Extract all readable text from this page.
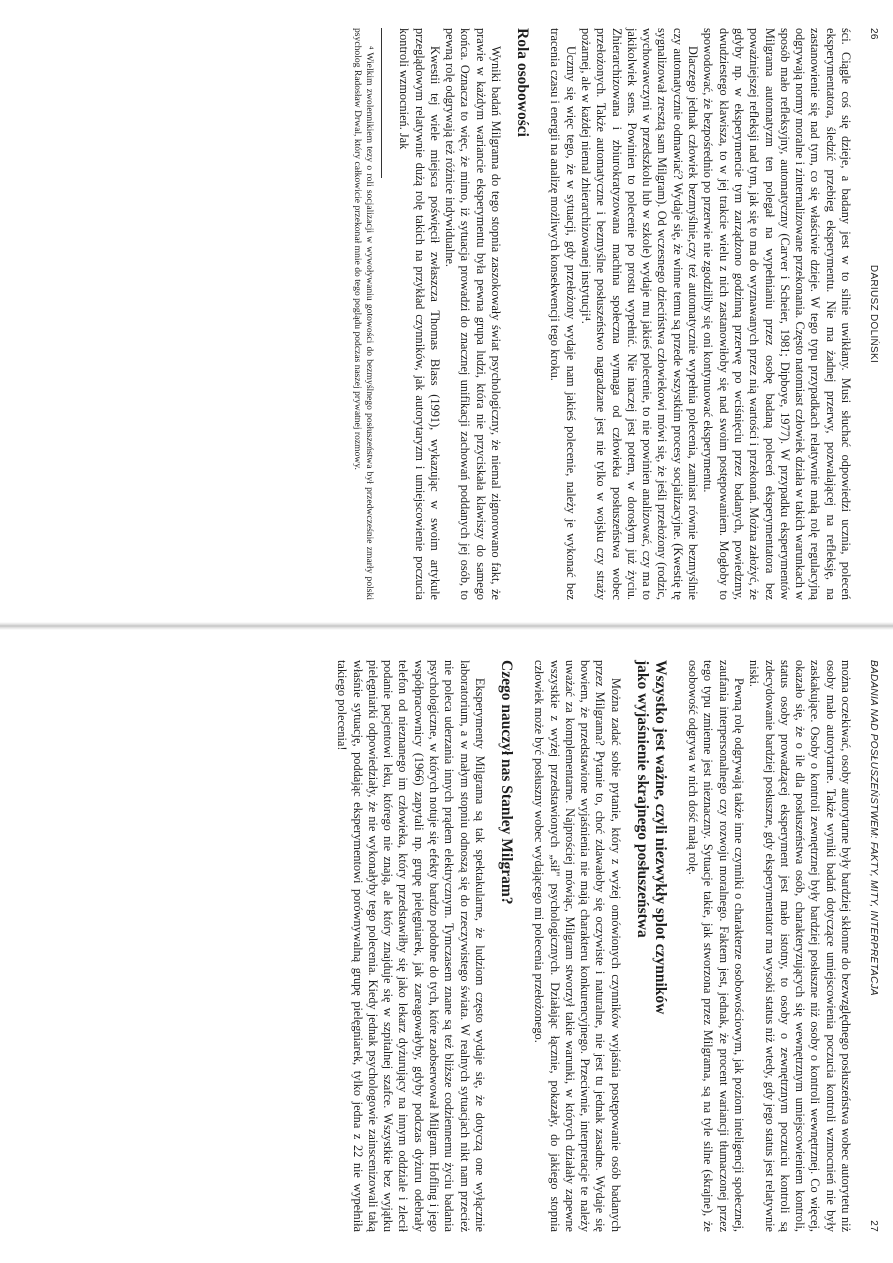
26
DARIUSZ DOLIŃSKI

ści. Ciągle coś się dzieje, a badany jest w to silnie uwikłany. Musi słuchać odpowiedzi ucznia, poleceń eksperymentatora, śledzić przebieg eksperymentu. Nie ma żadnej przerwy, pozwalającej na refleksję, na zastanowienie się nad tym, co się właściwie dzieje. W tego typu przypadkach relatywnie małą rolę regulacyjną odgrywają normy moralne i zinternalizowane przekonania. Często natomiast człowiek działa w takich warunkach w sposób mało refleksyjny, automatyczny (Carver i Scheier, 1981; Dipboye, 1977). W przypadku eksperymentów Milgrama automatyzm ten polegał na wypełnianiu przez osobę badaną poleceń eksperymentatora bez poważniejszej refleksji nad tym, jak się to ma do wyznawanych przez nią wartości i przekonań. Można założyć, że gdyby np. w eksperymencie tym zarządzono godzinną przerwę po wciśnięciu przez badanych, powiedzmy, dwudziestego klawisza, to w jej trakcie wielu z nich zastanowiłoby się nad swoim postępowaniem. Mogłoby to spowodować, że bezpośrednio po przerwie nie zgodziliby się oni kontynuować eksperymentu.

Dlaczego jednak człowiek bezmyślnie,czy też automatycznie wypełnia polecenia, zamiast równie bezmyślnie czy automatycznie odmawiać? Wydaje się, że winne temu są przede wszystkim procesy socjalizacyjne. (Kwestię tę sygnalizował zresztą sam Milgram). Od wczesnego dzieciństwa człowiekowi mówi się, że jeśli przełożony (rodzic, wychowawczyni w przedszkolu lub w szkole) wydaje mu jakieś polecenie, to nie powinien analizować, czy ma to jakikolwiek sens. Powinien to polecenie po prostu wypełnić. Nie inaczej jest potem, w dorosłym już życiu. Zhierarchizowana i zbiurokratyzowana machina społeczna wymaga od człowieka posłuszeństwa wobec przełożonych. Także automatyczne i bezmyślne posłuszeństwo nagradzane jest nie tylko w wojsku czy straży pożarnej, ale w każdej niemal zhierarchizowanej instytucji⁴.

Uczmy się więc tego, że w sytuacji, gdy przełożony wydaje nam jakieś polecenie, należy je wykonać bez tracenia czasu i energii na analizę możliwych konsekwencji tego kroku.

Rola osobowości

Wyniki badań Milgrama do tego stopnia zaszokowały świat psychologiczny, że niemal zignorowano fakt, że prawie w każdym wariancie eksperymentu była pewna grupa ludzi, która nie przyciskała klawiszy do samego końca. Oznacza to więc, że mimo, iż sytuacja prowadzi do znacznej unifikacji zachowań poddanych jej osób, to pewną rolę odgrywają też różnice indywidualne.

Kwestii tej wiele miejsca poświęcił zwłaszcza Thomas Blass (1991), wykazując w swoim artykule przeglądowym relatywnie dużą rolę takich na przykład czynników, jak autorytaryzm i umiejscowienie poczucia kontroli wzmocnień. Jak

⁴ Wielkim zwolennikiem tezy o roli socjalizacji w wywoływaniu gotowości do bezmyślnego posłuszeństwa był przedwcześnie zmarły polski psycholog Radosław Drwal, który całkowicie przekonał mnie do tego poglądu podczas naszej prywatnej rozmowy.

BADANIA NAD POSŁUSZEŃSTWEM: FAKTY, MITY, INTERPRETACJA
27

można oczekiwać, osoby autorytarne były bardziej skłonne do bezwzględnego posłuszeństwa wobec autorytetu niż osoby mało autorytarne. Także wyniki badań dotyczące umiejscowienia poczucia kontroli wzmocnień nie były zaskakujące. Osoby o kontroli zewnętrznej były bardziej posłuszne niż osoby o kontroli wewnętrznej. Co więcej, okazało się, że o ile dla posłuszeństwa osób, charakteryzujących się wewnętrznym umiejscowieniem kontroli, status osoby prowadzącej eksperyment jest mało istotny, to osoby o zewnętrznym poczuciu kontroli są zdecydowanie bardziej posłuszne, gdy eksperymentator ma wysoki status niż wtedy, gdy jego status jest relatywnie niski.

Pewną rolę odgrywają także inne czynniki o charakterze osobowościowym, jak poziom inteligencji społecznej, zaufania interpersonalnego czy rozwoju moralnego. Faktem jest, jednak, że procent wariancji tłumaczonej przez tego typu zmienne jest nieznaczny. Sytuacje takie, jak stworzona przez Milgrama, są na tyle silne (skrajne), że osobowość odgrywa w nich dość małą rolę.

Wszystko jest ważne, czyli niezwykły splot czynników
jako wyjaśnienie skrajnego posłuszeństwa

Można zadać sobie pytanie, który z wyżej omówionych czynników wyjaśnia postępowanie osób badanych przez Milgrama? Pytanie to, choć zdawałoby się oczywiste i naturalne, nie jest tu jednak zasadne. Wydaje się bowiem, że przedstawione wyjaśnienia nie mają charakteru konkurencyjnego. Przeciwnie, interpretacje te należy uważać za komplementarne. Najprościej mówiąc, Milgram stworzył takie warunki, w których działały zapewne wszystkie z wyżej przedstawionych „sił" psychologicznych. Działając łącznie, pokazały, do jakiego stopnia człowiek może być posłuszny wobec wydającego mi polecenia przełożonego.

Czego nauczył nas Stanley Milgram?

Eksperymenty Milgrama są tak spektakularne, że ludziom często wydaje się, że dotyczą one wyłącznie laboratorium, a w małym stopniu odnoszą się do rzeczywistego świata. W realnych sytuacjach nikt nam przecież nie poleca uderzania innych prądem elektrycznym. Tymczasem znane są też bliższe codziennemu życiu badania psychologiczne, w których notuje się efekty bardzo podobne do tych, które zaobserwował Milgram. Hofling i jego współpracownicy (1966) zapytali np. grupę pielęgniarek, jak zareagowałyby, gdyby podczas dyżuru odebrały telefon od nieznanego im człowieka, który przedstawiłby się jako lekarz dyżurujący na innym oddziale i zlecił podanie pacjentowi leku, którego nie znają, ale który znajduje się w szpitalnej szafce. Wszystkie bez wyjątku pielęgniarki odpowiedziały, że nie wykonałyby tego polecenia. Kiedy jednak psychologowie zainscenizowali taką właśnie sytuację, poddając eksperymentowi porównywalną grupę pielęgniarek, tylko jedna z 22 nie wypełniła takiego polecenia!
